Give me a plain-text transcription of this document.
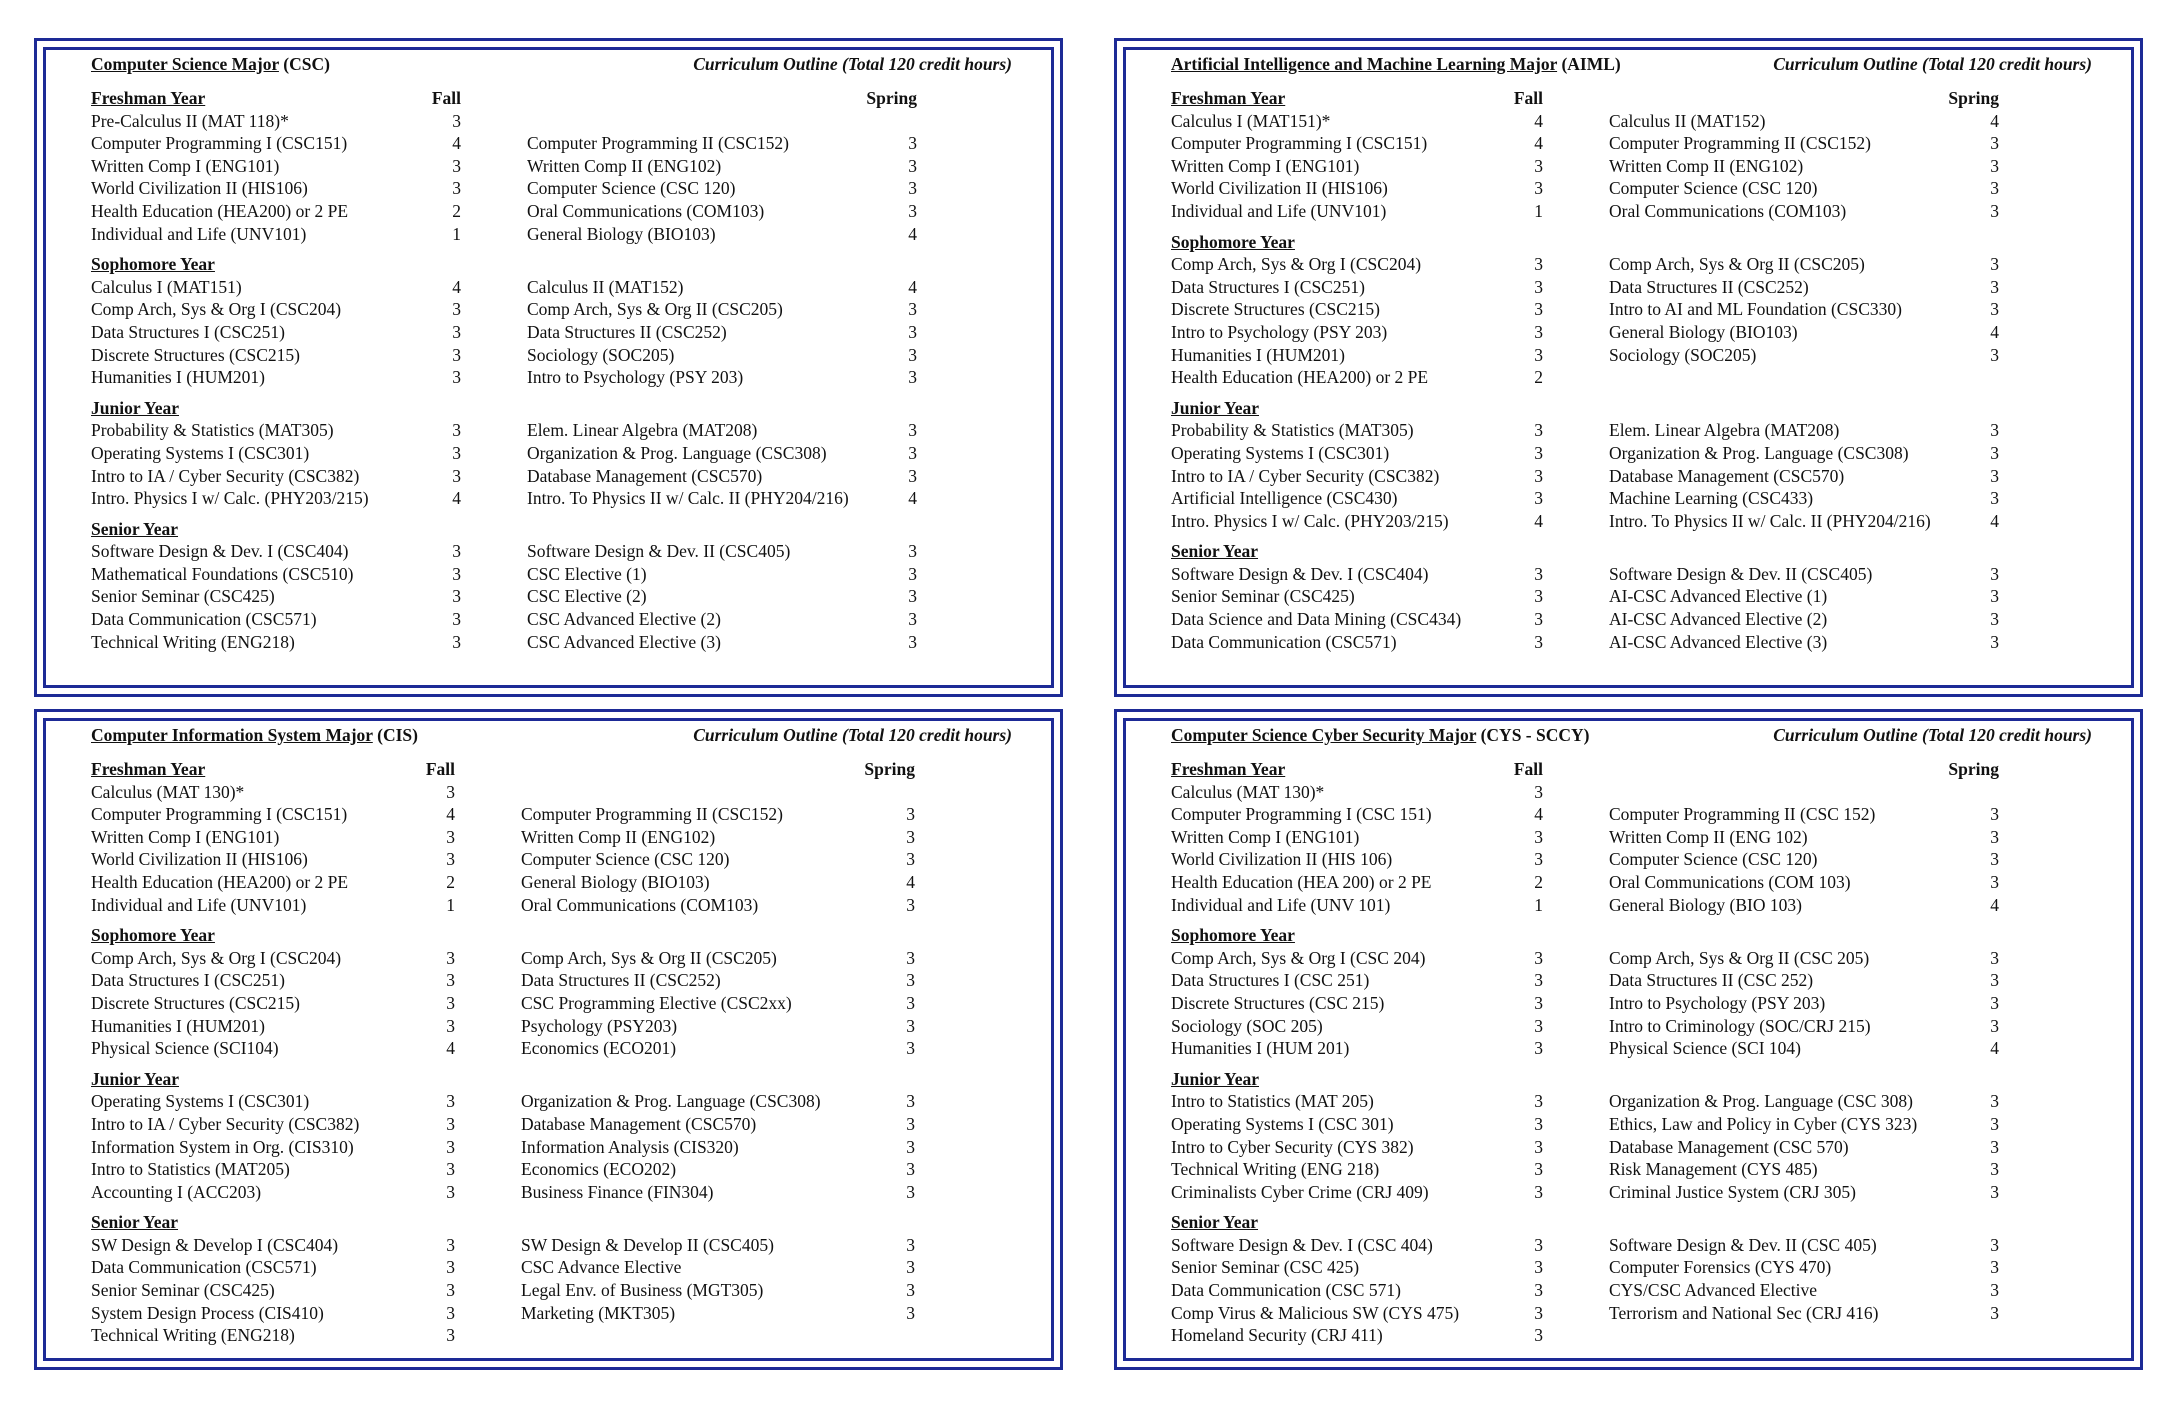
Computer Science Major (CSC)	Curriculum Outline (Total 120 credit hours)
Freshman Year	Fall	Spring
Pre-Calculus II (MAT 118)*	3
Computer Programming I (CSC151)	4	Computer Programming II (CSC152)	3
Written Comp I (ENG101)	3	Written Comp II (ENG102)	3
World Civilization II (HIS106)	3	Computer Science (CSC 120)	3
Health Education (HEA200) or 2 PE	2	Oral Communications (COM103)	3
Individual and Life (UNV101)	1	General Biology (BIO103)	4
Sophomore Year
Calculus I (MAT151)	4	Calculus II (MAT152)	4
Comp Arch, Sys & Org I (CSC204)	3	Comp Arch, Sys & Org II (CSC205)	3
Data Structures I (CSC251)	3	Data Structures II (CSC252)	3
Discrete Structures (CSC215)	3	Sociology (SOC205)	3
Humanities I (HUM201)	3	Intro to Psychology (PSY 203)	3
Junior Year
Probability & Statistics (MAT305)	3	Elem. Linear Algebra (MAT208)	3
Operating Systems I (CSC301)	3	Organization & Prog. Language (CSC308)	3
Intro to IA / Cyber Security (CSC382)	3	Database Management (CSC570)	3
Intro. Physics I w/ Calc. (PHY203/215)	4	Intro. To Physics II w/ Calc. II (PHY204/216)	4
Senior Year
Software Design & Dev. I (CSC404)	3	Software Design & Dev. II (CSC405)	3
Mathematical Foundations (CSC510)	3	CSC Elective (1)	3
Senior Seminar (CSC425)	3	CSC Elective (2)	3
Data Communication (CSC571)	3	CSC Advanced Elective (2)	3
Technical Writing (ENG218)	3	CSC Advanced Elective (3)	3
Artificial Intelligence and Machine Learning Major (AIML)	Curriculum Outline (Total 120 credit hours)
Freshman Year	Fall	Spring
Calculus I (MAT151)*	4	Calculus II (MAT152)	4
Computer Programming I (CSC151)	4	Computer Programming II (CSC152)	3
Written Comp I (ENG101)	3	Written Comp II (ENG102)	3
World Civilization II (HIS106)	3	Computer Science (CSC 120)	3
Individual and Life (UNV101)	1	Oral Communications (COM103)	3
Sophomore Year
Comp Arch, Sys & Org I (CSC204)	3	Comp Arch, Sys & Org II (CSC205)	3
Data Structures I (CSC251)	3	Data Structures II (CSC252)	3
Discrete Structures (CSC215)	3	Intro to AI and ML Foundation (CSC330)	3
Intro to Psychology (PSY 203)	3	General Biology (BIO103)	4
Humanities I (HUM201)	3	Sociology (SOC205)	3
Health Education (HEA200) or 2 PE	2
Junior Year
Probability & Statistics (MAT305)	3	Elem. Linear Algebra (MAT208)	3
Operating Systems I (CSC301)	3	Organization & Prog. Language (CSC308)	3
Intro to IA / Cyber Security (CSC382)	3	Database Management (CSC570)	3
Artificial Intelligence (CSC430)	3	Machine Learning (CSC433)	3
Intro. Physics I w/ Calc. (PHY203/215)	4	Intro. To Physics II w/ Calc. II (PHY204/216)	4
Senior Year
Software Design & Dev. I (CSC404)	3	Software Design & Dev. II (CSC405)	3
Senior Seminar (CSC425)	3	AI-CSC Advanced Elective (1)	3
Data Science and Data Mining (CSC434)	3	AI-CSC Advanced Elective (2)	3
Data Communication (CSC571)	3	AI-CSC Advanced Elective (3)	3
Computer Information System Major (CIS)	Curriculum Outline (Total 120 credit hours)
Freshman Year	Fall	Spring
Calculus (MAT 130)*	3
Computer Programming I (CSC151)	4	Computer Programming II (CSC152)	3
Written Comp I (ENG101)	3	Written Comp II (ENG102)	3
World Civilization II (HIS106)	3	Computer Science (CSC 120)	3
Health Education (HEA200) or 2 PE	2	General Biology (BIO103)	4
Individual and Life (UNV101)	1	Oral Communications (COM103)	3
Sophomore Year
Comp Arch, Sys & Org I (CSC204)	3	Comp Arch, Sys & Org II (CSC205)	3
Data Structures I (CSC251)	3	Data Structures II (CSC252)	3
Discrete Structures (CSC215)	3	CSC Programming Elective (CSC2xx)	3
Humanities I (HUM201)	3	Psychology (PSY203)	3
Physical Science (SCI104)	4	Economics (ECO201)	3
Junior Year
Operating Systems I (CSC301)	3	Organization & Prog. Language (CSC308)	3
Intro to IA / Cyber Security (CSC382)	3	Database Management (CSC570)	3
Information System in Org. (CIS310)	3	Information Analysis (CIS320)	3
Intro to Statistics (MAT205)	3	Economics (ECO202)	3
Accounting I (ACC203)	3	Business Finance (FIN304)	3
Senior Year
SW Design & Develop I (CSC404)	3	SW Design & Develop II (CSC405)	3
Data Communication (CSC571)	3	CSC Advance Elective	3
Senior Seminar (CSC425)	3	Legal Env. of Business (MGT305)	3
System Design Process (CIS410)	3	Marketing (MKT305)	3
Technical Writing (ENG218)	3
Computer Science Cyber Security Major (CYS - SCCY)	Curriculum Outline (Total 120 credit hours)
Freshman Year	Fall	Spring
Calculus (MAT 130)*	3
Computer Programming I (CSC 151)	4	Computer Programming II (CSC 152)	3
Written Comp I (ENG101)	3	Written Comp II (ENG 102)	3
World Civilization II (HIS 106)	3	Computer Science (CSC 120)	3
Health Education (HEA 200) or 2 PE	2	Oral Communications (COM 103)	3
Individual and Life (UNV 101)	1	General Biology (BIO 103)	4
Sophomore Year
Comp Arch, Sys & Org I (CSC 204)	3	Comp Arch, Sys & Org II (CSC 205)	3
Data Structures I (CSC 251)	3	Data Structures II (CSC 252)	3
Discrete Structures (CSC 215)	3	Intro to Psychology (PSY 203)	3
Sociology (SOC 205)	3	Intro to Criminology (SOC/CRJ 215)	3
Humanities I (HUM 201)	3	Physical Science (SCI 104)	4
Junior Year
Intro to Statistics (MAT 205)	3	Organization & Prog. Language (CSC 308)	3
Operating Systems I (CSC 301)	3	Ethics, Law and Policy in Cyber (CYS 323)	3
Intro to Cyber Security (CYS 382)	3	Database Management (CSC 570)	3
Technical Writing (ENG 218)	3	Risk Management (CYS 485)	3
Criminalists Cyber Crime (CRJ 409)	3	Criminal Justice System (CRJ 305)	3
Senior Year
Software Design & Dev. I (CSC 404)	3	Software Design & Dev. II (CSC 405)	3
Senior Seminar (CSC 425)	3	Computer Forensics (CYS 470)	3
Data Communication (CSC 571)	3	CYS/CSC Advanced Elective	3
Comp Virus & Malicious SW (CYS 475)	3	Terrorism and National Sec (CRJ 416)	3
Homeland Security (CRJ 411)	3
